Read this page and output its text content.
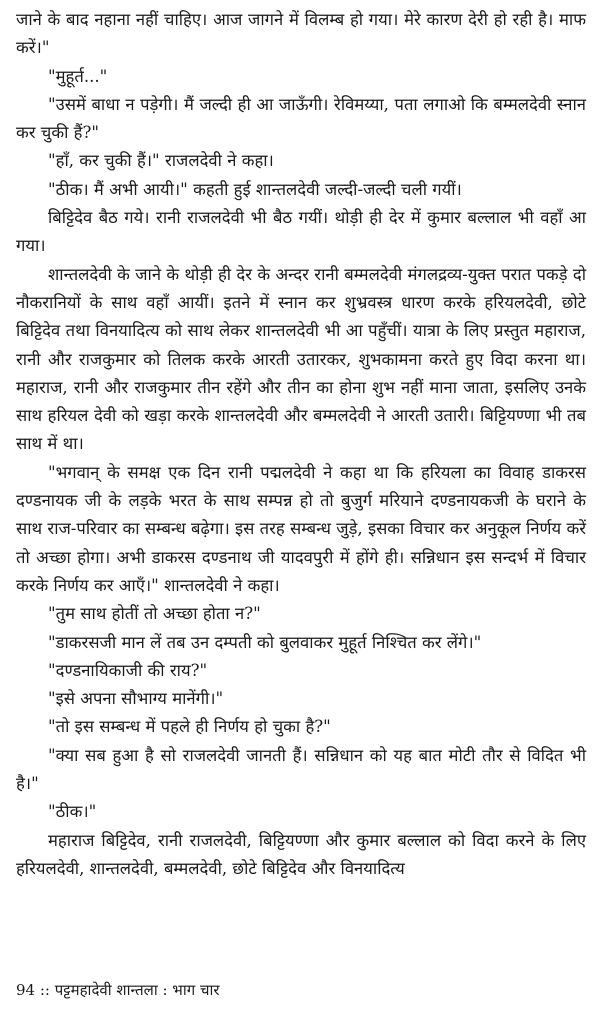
जाने के बाद नहाना नहीं चाहिए। आज जागने में विलम्ब हो गया। मेरे कारण देरी हो रही है। माफ करें।"

"मुहूर्त..."

"उसमें बाधा न पड़ेगी। मैं जल्दी ही आ जाऊँगी। रेविमय्या, पता लगाओ कि बम्मलदेवी स्नान कर चुकी हैं?"

"हाँ, कर चुकी हैं।" राजलदेवी ने कहा।

"ठीक। मैं अभी आयी।" कहती हुई शान्तलदेवी जल्दी-जल्दी चली गयीं।

बिट्टिदेव बैठ गये। रानी राजलदेवी भी बैठ गयीं। थोड़ी ही देर में कुमार बल्लाल भी वहाँ आ गया।

शान्तलदेवी के जाने के थोड़ी ही देर के अन्दर रानी बम्मलदेवी मंगलद्रव्य-युक्त परात पकड़े दो नौकरानियों के साथ वहाँ आयीं। इतने में स्नान कर शुभ्रवस्त्र धारण करके हरियलदेवी, छोटे बिट्टिदेव तथा विनयादित्य को साथ लेकर शान्तलदेवी भी आ पहुँचीं। यात्रा के लिए प्रस्तुत महाराज, रानी और राजकुमार को तिलक करके आरती उतारकर, शुभकामना करते हुए विदा करना था। महाराज, रानी और राजकुमार तीन रहेंगे और तीन का होना शुभ नहीं माना जाता, इसलिए उनके साथ हरियल देवी को खड़ा करके शान्तलदेवी और बम्मलदेवी ने आरती उतारी। बिट्टियण्णा भी तब साथ में था।

"भगवान् के समक्ष एक दिन रानी पद्मलदेवी ने कहा था कि हरियला का विवाह डाकरस दण्डनायक जी के लड़के भरत के साथ सम्पन्न हो तो बुजुर्ग मरियाने दण्डनायकजी के घराने के साथ राज-परिवार का सम्बन्ध बढ़ेगा। इस तरह सम्बन्ध जुड़े, इसका विचार कर अनुकूल निर्णय करें तो अच्छा होगा। अभी डाकरस दण्डनाथ जी यादवपुरी में होंगे ही। सन्निधान इस सन्दर्भ में विचार करके निर्णय कर आएँ।" शान्तलदेवी ने कहा।

"तुम साथ होतीं तो अच्छा होता न?"

"डाकरसजी मान लें तब उन दम्पती को बुलवाकर मुहूर्त निश्चित कर लेंगे।"

"दण्डनायिकाजी की राय?"

"इसे अपना सौभाग्य मानेंगी।"

"तो इस सम्बन्ध में पहले ही निर्णय हो चुका है?"

"क्या सब हुआ है सो राजलदेवी जानती हैं। सन्निधान को यह बात मोटी तौर से विदित भी है।"

"ठीक।"

महाराज बिट्टिदेव, रानी राजलदेवी, बिट्टियण्णा और कुमार बल्लाल को विदा करने के लिए हरियलदेवी, शान्तलदेवी, बम्मलदेवी, छोटे बिट्टिदेव और विनयादित्य

94 :: पट्टमहादेवी शान्तला : भाग चार
